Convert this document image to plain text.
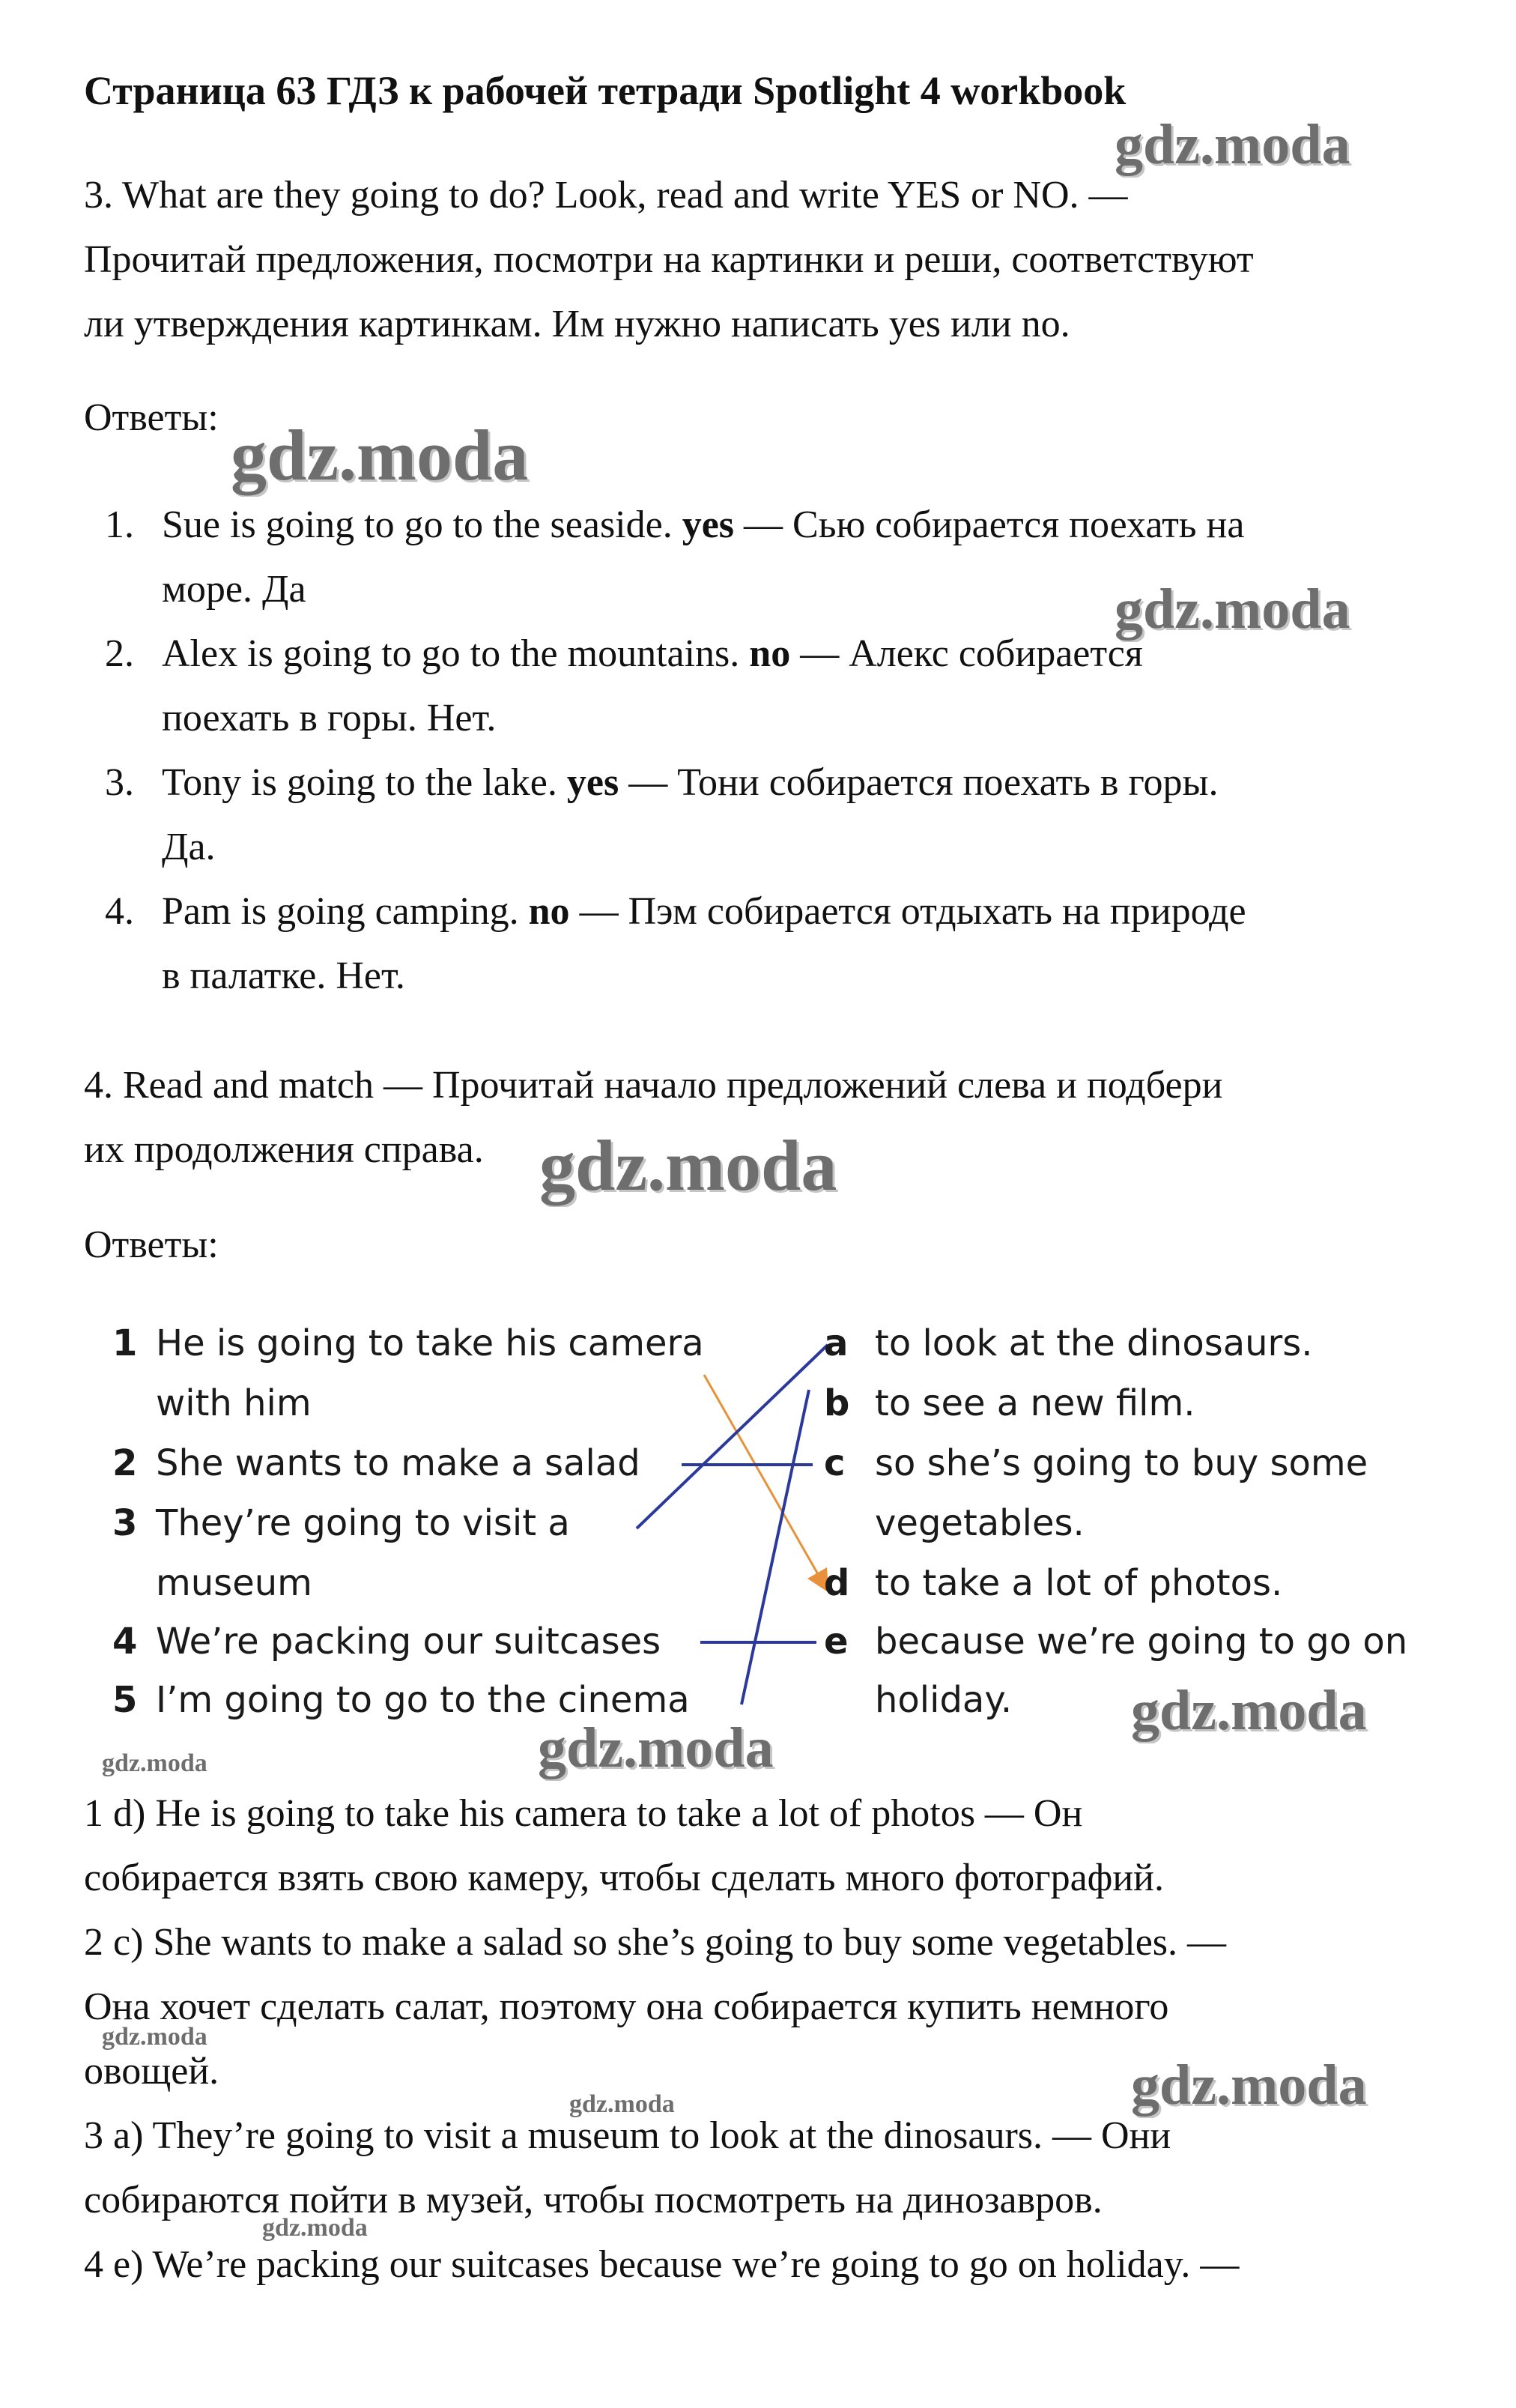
Страница 63 ГДЗ к рабочей тетради Spotlight 4 workbook
3. What are they going to do? Look, read and write YES or NO. —
Прочитай предложения, посмотри на картинки и реши, соответствуют
ли утверждения картинкам. Им нужно написать yes или no.
Ответы:
1. Sue is going to go to the seaside. yes — Сью собирается поехать на
море. Да
2. Alex is going to go to the mountains. no — Алекс собирается
поехать в горы. Нет.
3. Tony is going to the lake. yes — Тони собирается поехать в горы.
Да.
4. Pam is going camping. no — Пэм собирается отдыхать на природе
в палатке. Нет.
4. Read and match — Прочитай начало предложений слева и подбери
их продолжения справа.
Ответы:
1 He is going to take his camera
with him
2 She wants to make a salad
3 They’re going to visit a
museum
4 We’re packing our suitcases
5 I’m going to go to the cinema
a to look at the dinosaurs.
b to see a new film.
c so she’s going to buy some
vegetables.
d to take a lot of photos.
e because we’re going to go on
holiday.
1 d) He is going to take his camera to take a lot of photos — Он
собирается взять свою камеру, чтобы сделать много фотографий.
2 c) She wants to make a salad so she’s going to buy some vegetables. —
Она хочет сделать салат, поэтому она собирается купить немного
овощей.
3 a) They’re going to visit a museum to look at the dinosaurs. — Они
собираются пойти в музей, чтобы посмотреть на динозавров.
4 e) We’re packing our suitcases because we’re going to go on holiday. —
gdz.moda
gdz.moda
gdz.moda
gdz.moda
gdz.moda
gdz.moda
gdz.moda
gdz.moda
gdz.moda
gdz.moda
gdz.moda
